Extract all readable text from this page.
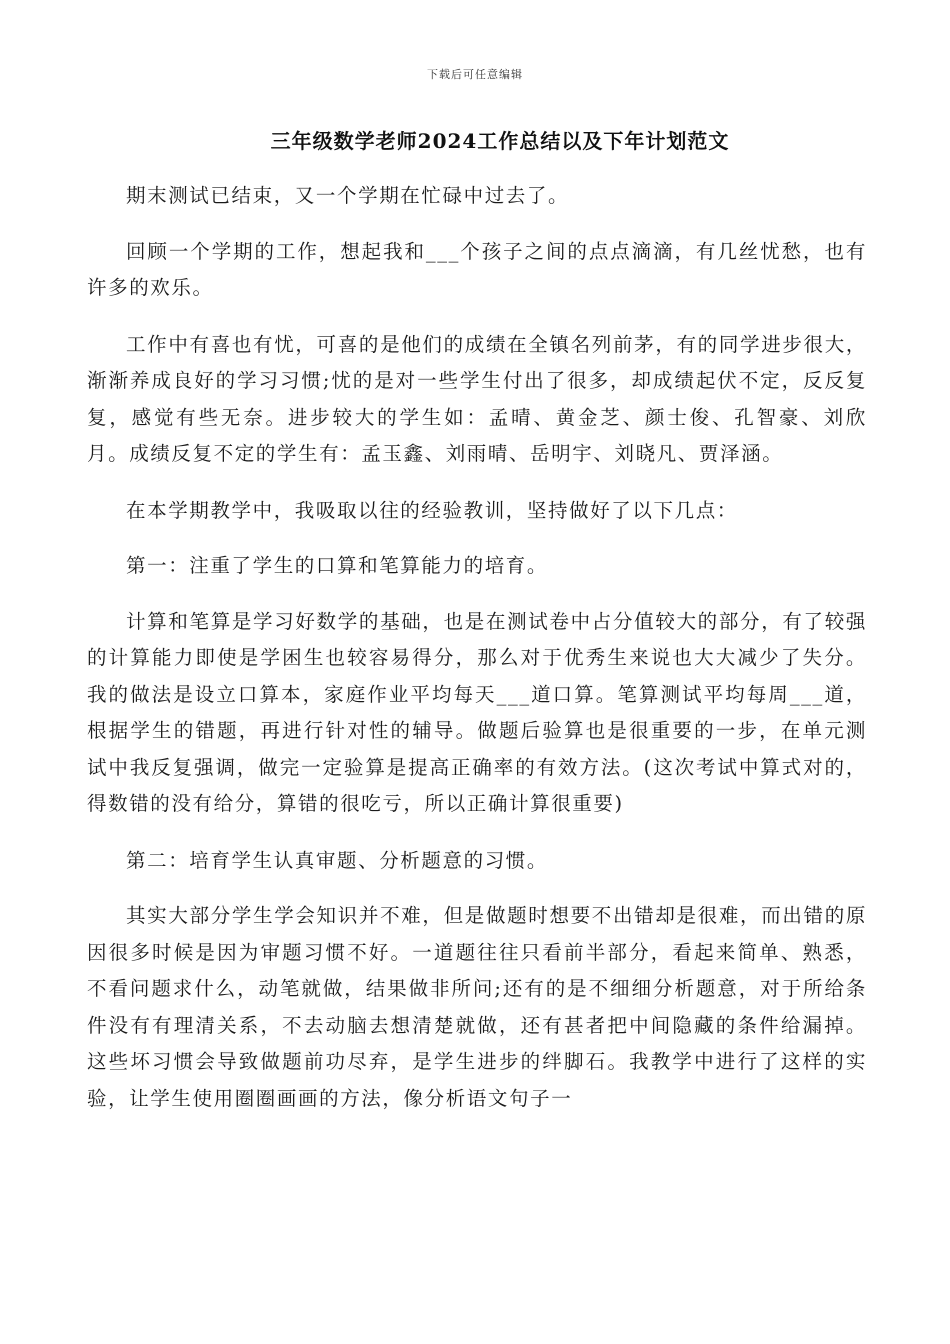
下载后可任意编辑
三年级数学老师2024工作总结以及下年计划范文

期末测试已结束，又一个学期在忙碌中过去了。

回顾一个学期的工作，想起我和___个孩子之间的点点滴滴，有几丝忧愁，也有许多的欢乐。

工作中有喜也有忧，可喜的是他们的成绩在全镇名列前茅，有的同学进步很大，渐渐养成良好的学习习惯;忧的是对一些学生付出了很多，却成绩起伏不定，反反复复，感觉有些无奈。进步较大的学生如：孟晴、黄金芝、颜士俊、孔智豪、刘欣月。成绩反复不定的学生有：孟玉鑫、刘雨晴、岳明宇、刘晓凡、贾泽涵。

在本学期教学中，我吸取以往的经验教训，坚持做好了以下几点：

第一：注重了学生的口算和笔算能力的培育。

计算和笔算是学习好数学的基础，也是在测试卷中占分值较大的部分，有了较强的计算能力即使是学困生也较容易得分，那么对于优秀生来说也大大减少了失分。我的做法是设立口算本，家庭作业平均每天___道口算。笔算测试平均每周___道，根据学生的错题，再进行针对性的辅导。做题后验算也是很重要的一步，在单元测试中我反复强调，做完一定验算是提高正确率的有效方法。(这次考试中算式对的，得数错的没有给分，算错的很吃亏，所以正确计算很重要)

第二：培育学生认真审题、分析题意的习惯。

其实大部分学生学会知识并不难，但是做题时想要不出错却是很难，而出错的原因很多时候是因为审题习惯不好。一道题往往只看前半部分，看起来简单、熟悉，不看问题求什么，动笔就做，结果做非所问;还有的是不细细分析题意，对于所给条件没有有理清关系，不去动脑去想清楚就做，还有甚者把中间隐藏的条件给漏掉。这些坏习惯会导致做题前功尽弃，是学生进步的绊脚石。我教学中进行了这样的实验，让学生使用圈圈画画的方法，像分析语文句子一
